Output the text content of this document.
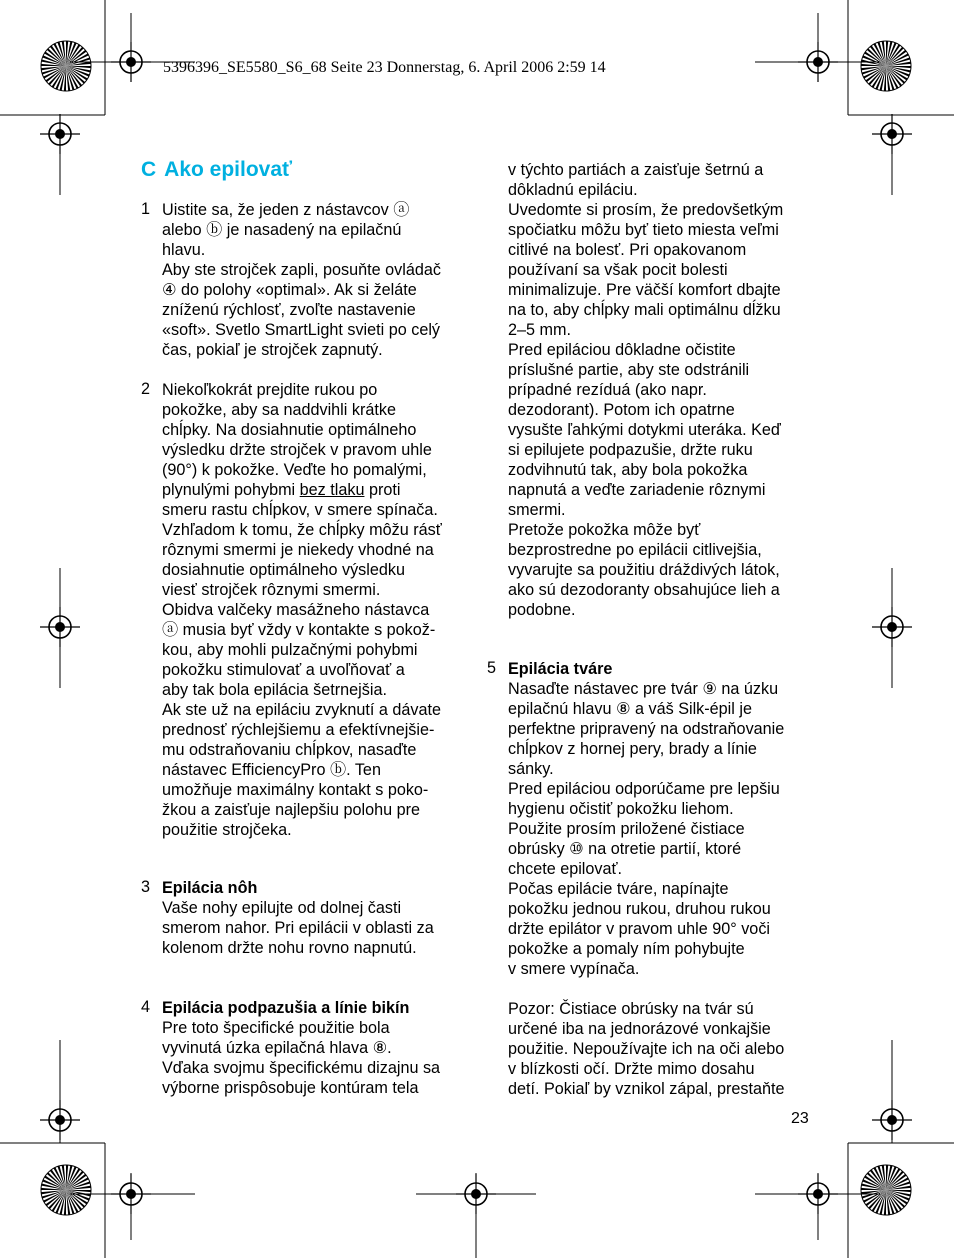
5396396_SE5580_S6_68 Seite 23 Donnerstag, 6. April 2006 2:59 14
C Ako epilovať
1 Uistite sa, že jeden z nástavcov ⓐ

alebo ⓑ je nasadený na epilačnú

hlavu.

Aby ste strojček zapli, posuňte ovládač

④ do polohy «optimal». Ak si želáte

zníženú rýchlosť, zvoľte nastavenie

«soft». Svetlo SmartLight svieti po celý

čas, pokiaľ je strojček zapnutý.

2 Niekoľkokrát prejdite rukou po

pokožke, aby sa naddvihli krátke

chĺpky. Na dosiahnutie optimálneho

výsledku držte strojček v pravom uhle

(90°) k pokožke. Veďte ho pomalými,

plynulými pohybmi bez tlaku proti

smeru rastu chĺpkov, v smere spínača.

Vzhľadom k tomu, že chĺpky môžu rásť

rôznymi smermi je niekedy vhodné na

dosiahnutie optimálneho výsledku

viesť strojček rôznymi smermi.

Obidva valčeky masážneho nástavca

ⓐ musia byť vždy v kontakte s pokož-

kou, aby mohli pulzačnými pohybmi

pokožku stimulovať a uvoľňovať a

aby tak bola epilácia šetrnejšia.

Ak ste už na epiláciu zvyknutí a dávate

prednosť rýchlejšiemu a efektívnejšie-

mu odstraňovaniu chĺpkov, nasaďte

nástavec EfficiencyPro ⓑ. Ten

umožňuje maximálny kontakt s poko-

žkou a zaisťuje najlepšiu polohu pre

použitie strojčeka.

3 Epilácia nôh

Vaše nohy epilujte od dolnej časti

smerom nahor. Pri epilácii v oblasti za

kolenom držte nohu rovno napnutú.

4 Epilácia podpazušia a línie bikín

Pre toto špecifické použitie bola

vyvinutá úzka epilačná hlava ⑧.

Vďaka svojmu špecifickému dizajnu sa

výborne prispôsobuje kontúram tela

v týchto partiách a zaisťuje šetrnú a

dôkladnú epiláciu.

Uvedomte si prosím, že predovšetkým

spočiatku môžu byť tieto miesta veľmi

citlivé na bolesť. Pri opakovanom

používaní sa však pocit bolesti

minimalizuje. Pre väčší komfort dbajte

na to, aby chĺpky mali optimálnu dĺžku

2–5 mm.

Pred epiláciou dôkladne očistite

príslušné partie, aby ste odstránili

prípadné rezíduá (ako napr.

dezodorant). Potom ich opatrne

vysušte ľahkými dotykmi uteráka. Keď

si epilujete podpazušie, držte ruku

zodvihnutú tak, aby bola pokožka

napnutá a veďte zariadenie rôznymi

smermi.

Pretože pokožka môže byť

bezprostredne po epilácii citlivejšia,

vyvarujte sa použitiu dráždivých látok,

ako sú dezodoranty obsahujúce lieh a

podobne.

5 Epilácia tváre

Nasaďte nástavec pre tvár ⑨ na úzku

epilačnú hlavu ⑧ a váš Silk-épil je

perfektne pripravený na odstraňovanie

chĺpkov z hornej pery, brady a línie

sánky.

Pred epiláciou odporúčame pre lepšiu

hygienu očistiť pokožku liehom.

Použite prosím priložené čistiace

obrúsky ⑩ na otretie partií, ktoré

chcete epilovať.

Počas epilácie tváre, napínajte

pokožku jednou rukou, druhou rukou

držte epilátor v pravom uhle 90° voči

pokožke a pomaly ním pohybujte

v smere vypínača.

Pozor: Čistiace obrúsky na tvár sú

určené iba na jednorázové vonkajšie

použitie. Nepoužívajte ich na oči alebo

v blízkosti očí. Držte mimo dosahu

detí. Pokiaľ by vznikol zápal, prestaňte

23
